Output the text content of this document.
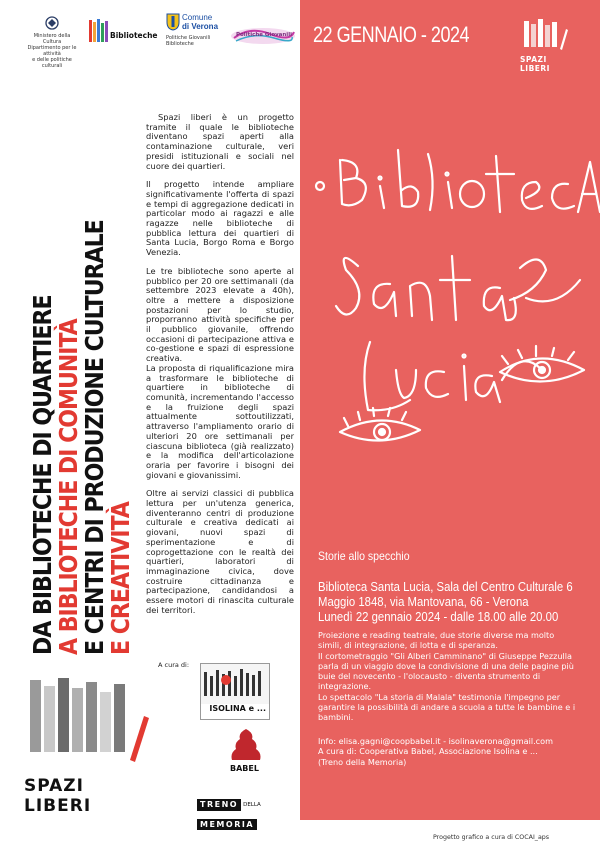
Ministero della Cultura
Dipartimento per le attività
e delle politiche culturali
Biblioteche
Comune
di Verona
Politiche Giovanili
Biblioteche
Politiche Giovanili
DA BIBLIOTECHE DI QUARTIERE
A BIBLIOTECHE DI COMUNITÀ
E CENTRI DI PRODUZIONE CULTURALE
E CREATIVITÀ

Spazi liberi è un progetto tramite il quale le biblioteche diventano spazi aperti alla contaminazione culturale, veri presidi istituzionali e sociali nel cuore dei quartieri.

Il progetto intende ampliare significativamente l'offerta di spazi e tempi di aggregazione dedicati in particolar modo ai ragazzi e alle ragazze nelle biblioteche di pubblica lettura dei quartieri di Santa Lucia, Borgo Roma e Borgo Venezia.

Le tre biblioteche sono aperte al pubblico per 20 ore settimanali (da settembre 2023 elevate a 40h), oltre a mettere a disposizione postazioni per lo studio, proporranno attività specifiche per il pubblico giovanile, offrendo occasioni di partecipazione attiva e co-gestione e spazi di espressione creativa.

La proposta di riqualificazione mira a trasformare le biblioteche di quartiere in biblioteche di comunità, incrementando l'accesso e la fruizione degli spazi attualmente sottoutilizzati, attraverso l'ampliamento orario di ulteriori 20 ore settimanali per ciascuna biblioteca (già realizzato) e la modifica dell'articolazione oraria per favorire i bisogni dei giovani e giovanissimi.

Oltre ai servizi classici di pubblica lettura per un'utenza generica, diventeranno centri di produzione culturale e creativa dedicati ai giovani, nuovi spazi di sperimentazione e di coprogettazione con le realtà dei quartieri, laboratori di immaginazione civica, dove costruire cittadinanza e partecipazione, candidandosi a essere motori di rinascita culturale dei territori.

A cura di:
SPAZI LIBERI
ISOLINA e ...
BABEL
TRENO DELLA
MEMORIA
22 GENNAIO - 2024
SPAZI LIBERI
Storie allo specchio
Biblioteca Santa Lucia, Sala del Centro Culturale 6
Maggio 1848, via Mantovana, 66 - Verona
Lunedì 22 gennaio 2024 - dalle 18.00 alle 20.00

Proiezione e reading teatrale, due storie diverse ma molto simili, di integrazione, di lotta e di speranza.

Il cortometraggio "Gli Alberi Camminano" di Giuseppe Pezzulla parla di un viaggio dove la condivisione di una delle pagine più buie del novecento - l'olocausto - diventa strumento di integrazione.

Lo spettacolo "La storia di Malala" testimonia l'impegno per garantire la possibilità di andare a scuola a tutte le bambine e i bambini.

Info: elisa.gagni@coopbabel.it - isolinaverona@gmail.com

A cura di: Cooperativa Babel, Associazione Isolina e ...

(Treno della Memoria)

Progetto grafico a cura di COCAI_aps
